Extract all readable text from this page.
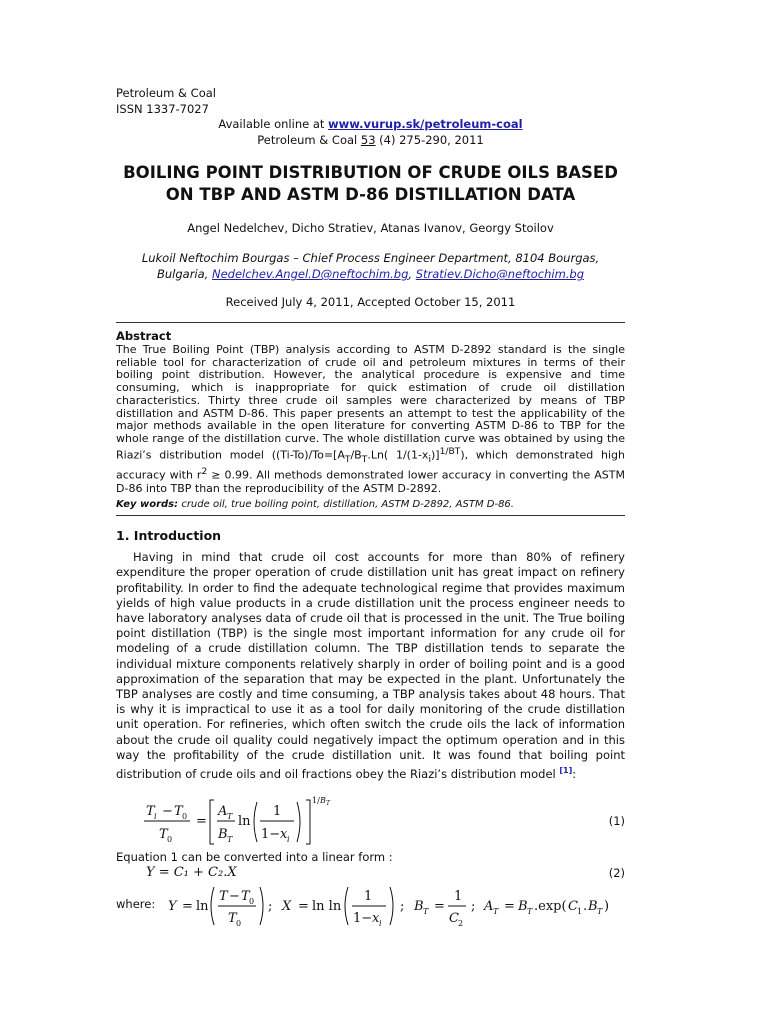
Petroleum & Coal
ISSN 1337-7027
Available online at www.vurup.sk/petroleum-coal
Petroleum & Coal 53 (4) 275-290, 2011
BOILING POINT DISTRIBUTION OF CRUDE OILS BASED
ON TBP AND ASTM D-86 DISTILLATION DATA
Angel Nedelchev, Dicho Stratiev, Atanas Ivanov, Georgy Stoilov
Lukoil Neftochim Bourgas – Chief Process Engineer Department, 8104 Bourgas,
Bulgaria, Nedelchev.Angel.D@neftochim.bg, Stratiev.Dicho@neftochim.bg
Received July 4, 2011, Accepted October 15, 2011
Abstract

The True Boiling Point (TBP) analysis according to ASTM D-2892 standard is the single reliable tool for characterization of crude oil and petroleum mixtures in terms of their boiling point distribution. However, the analytical procedure is expensive and time consuming, which is inappropriate for quick estimation of crude oil distillation characteristics. Thirty three crude oil samples were characterized by means of TBP distillation and ASTM D-86. This paper presents an attempt to test the applicability of the major methods available in the open literature for converting ASTM D-86 to TBP for the whole range of the distillation curve. The whole distillation curve was obtained by using the Riazi’s distribution model ($(Ti-To)/To=[A_T/B_T.Ln$( $1/(1-x_i)]^{1/BT}$), which demonstrated high accuracy with $r^2 \ge 0.99$. All methods demonstrated lower accuracy in converting the ASTM D-86 into TBP than the reproducibility of the ASTM D-2892.

Key words: crude oil, true boiling point, distillation, ASTM D-2892, ASTM D-86.
1. Introduction

Having in mind that crude oil cost accounts for more than 80% of refinery expenditure the proper operation of crude distillation unit has great impact on refinery profitability. In order to find the adequate technological regime that provides maximum yields of high value products in a crude distillation unit the process engineer needs to have laboratory analyses data of crude oil that is processed in the unit. The True boiling point distillation (TBP) is the single most important information for any crude oil for modeling of a crude distillation column. The TBP distillation tends to separate the individual mixture components relatively sharply in order of boiling point and is a good approximation of the separation that may be expected in the plant. Unfortunately the TBP analyses are costly and time consuming, a TBP analysis takes about 48 hours. That is why it is impractical to use it as a tool for daily monitoring of the crude distillation unit operation. For refineries, which often switch the crude oils the lack of information about the crude oil quality could negatively impact the optimum operation and in this way the profitability of the crude distillation unit. It was found that boiling point distribution of crude oils and oil fractions obey the Riazi’s distribution model [1]:

T i − T 0
T 0
=
A T
B T
ln
1
1− x i
1/ B T
(1)
Equation 1 can be converted into a linear form :
Y = C₁ + C₂.X	(2)
where: Y = ln
T − T 0
T 0
; X = ln ln
1
1− x i
; B T =
1
C 2
; A T = B T .exp( C 1 . B T )
